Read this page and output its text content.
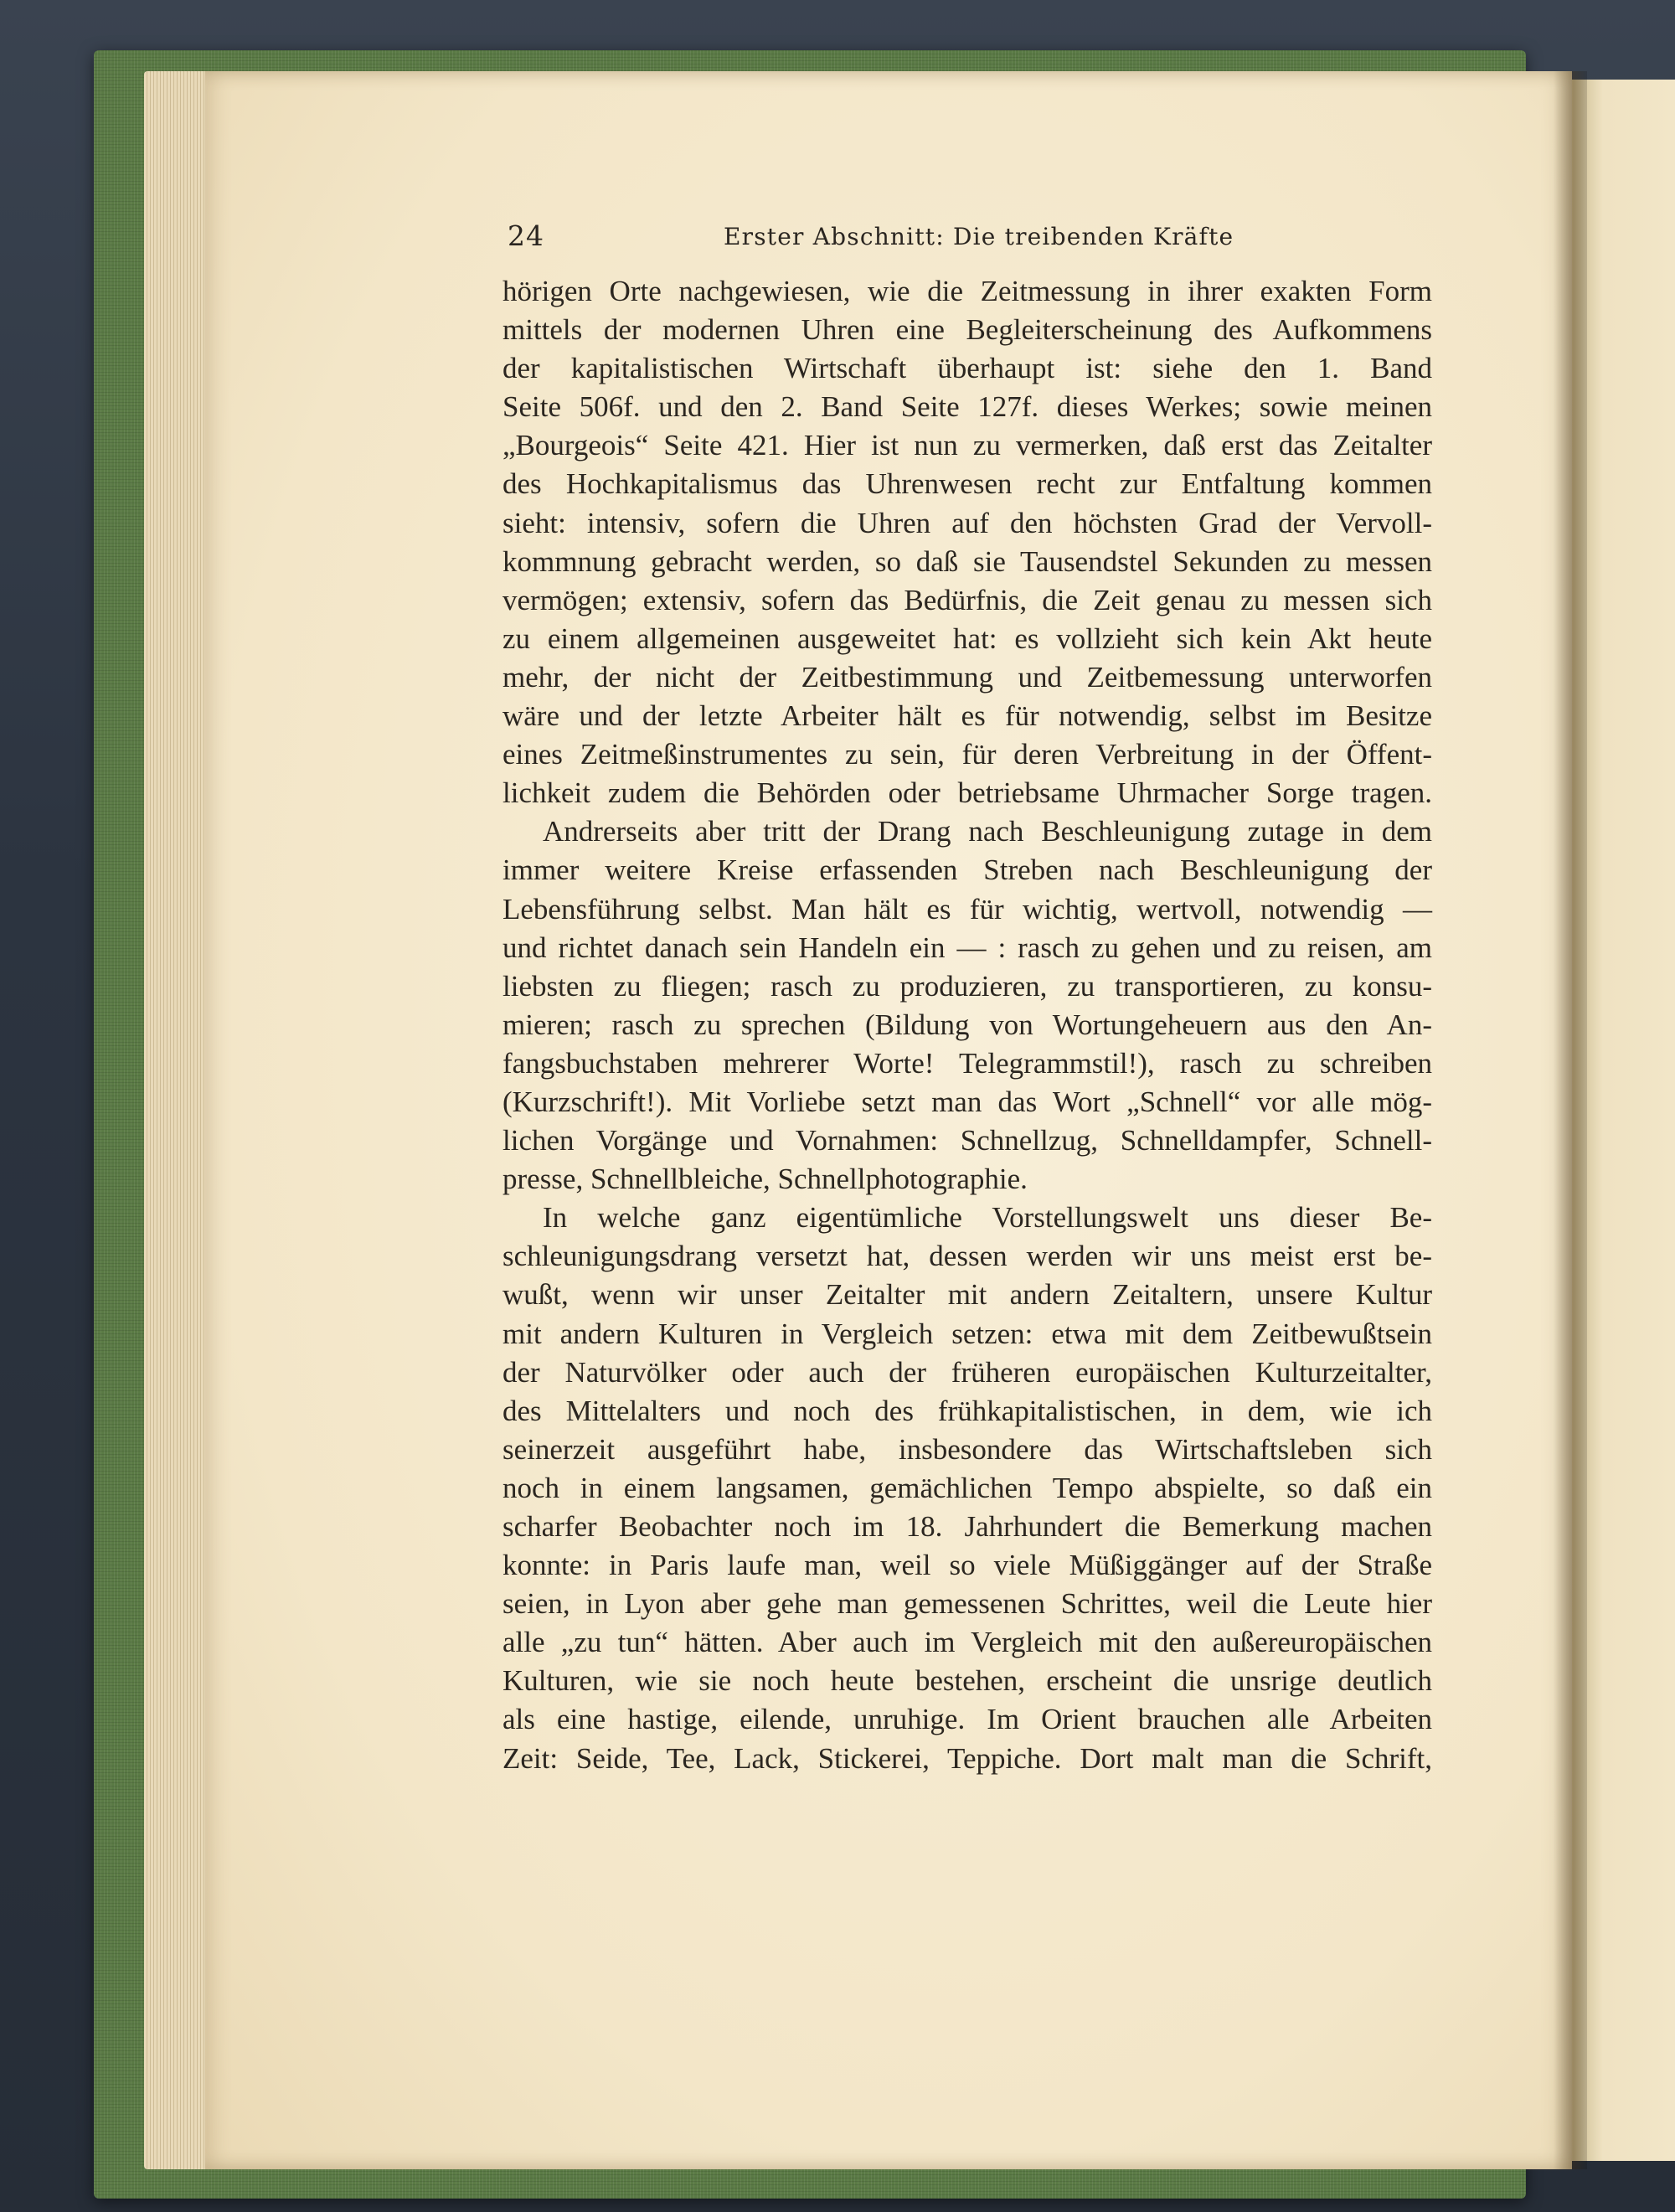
24	Erster Abschnitt: Die treibenden Kräfte
hörigen Orte nachgewiesen, wie die Zeitmessung in ihrer exakten Form
mittels der modernen Uhren eine Begleiterscheinung des Aufkommens
der kapitalistischen Wirtschaft überhaupt ist: siehe den 1. Band
Seite 506f. und den 2. Band Seite 127f. dieses Werkes; sowie meinen
„Bourgeois“ Seite 421. Hier ist nun zu vermerken, daß erst das Zeitalter
des Hochkapitalismus das Uhrenwesen recht zur Entfaltung kommen
sieht: intensiv, sofern die Uhren auf den höchsten Grad der Vervoll-
kommnung gebracht werden, so daß sie Tausendstel Sekunden zu messen
vermögen; extensiv, sofern das Bedürfnis, die Zeit genau zu messen sich
zu einem allgemeinen ausgeweitet hat: es vollzieht sich kein Akt heute
mehr, der nicht der Zeitbestimmung und Zeitbemessung unterworfen
wäre und der letzte Arbeiter hält es für notwendig, selbst im Besitze
eines Zeitmeßinstrumentes zu sein, für deren Verbreitung in der Öffent-
lichkeit zudem die Behörden oder betriebsame Uhrmacher Sorge tragen.
Andrerseits aber tritt der Drang nach Beschleunigung zutage in dem
immer weitere Kreise erfassenden Streben nach Beschleunigung der
Lebensführung selbst. Man hält es für wichtig, wertvoll, notwendig —
und richtet danach sein Handeln ein — : rasch zu gehen und zu reisen, am
liebsten zu fliegen; rasch zu produzieren, zu transportieren, zu konsu-
mieren; rasch zu sprechen (Bildung von Wortungeheuern aus den An-
fangsbuchstaben mehrerer Worte! Telegrammstil!), rasch zu schreiben
(Kurzschrift!). Mit Vorliebe setzt man das Wort „Schnell“ vor alle mög-
lichen Vorgänge und Vornahmen: Schnellzug, Schnelldampfer, Schnell-
presse, Schnellbleiche, Schnellphotographie.
In welche ganz eigentümliche Vorstellungswelt uns dieser Be-
schleunigungsdrang versetzt hat, dessen werden wir uns meist erst be-
wußt, wenn wir unser Zeitalter mit andern Zeitaltern, unsere Kultur
mit andern Kulturen in Vergleich setzen: etwa mit dem Zeitbewußtsein
der Naturvölker oder auch der früheren europäischen Kulturzeitalter,
des Mittelalters und noch des frühkapitalistischen, in dem, wie ich
seinerzeit ausgeführt habe, insbesondere das Wirtschaftsleben sich
noch in einem langsamen, gemächlichen Tempo abspielte, so daß ein
scharfer Beobachter noch im 18. Jahrhundert die Bemerkung machen
konnte: in Paris laufe man, weil so viele Müßiggänger auf der Straße
seien, in Lyon aber gehe man gemessenen Schrittes, weil die Leute hier
alle „zu tun“ hätten. Aber auch im Vergleich mit den außereuropäischen
Kulturen, wie sie noch heute bestehen, erscheint die unsrige deutlich
als eine hastige, eilende, unruhige. Im Orient brauchen alle Arbeiten
Zeit: Seide, Tee, Lack, Stickerei, Teppiche. Dort malt man die Schrift,
